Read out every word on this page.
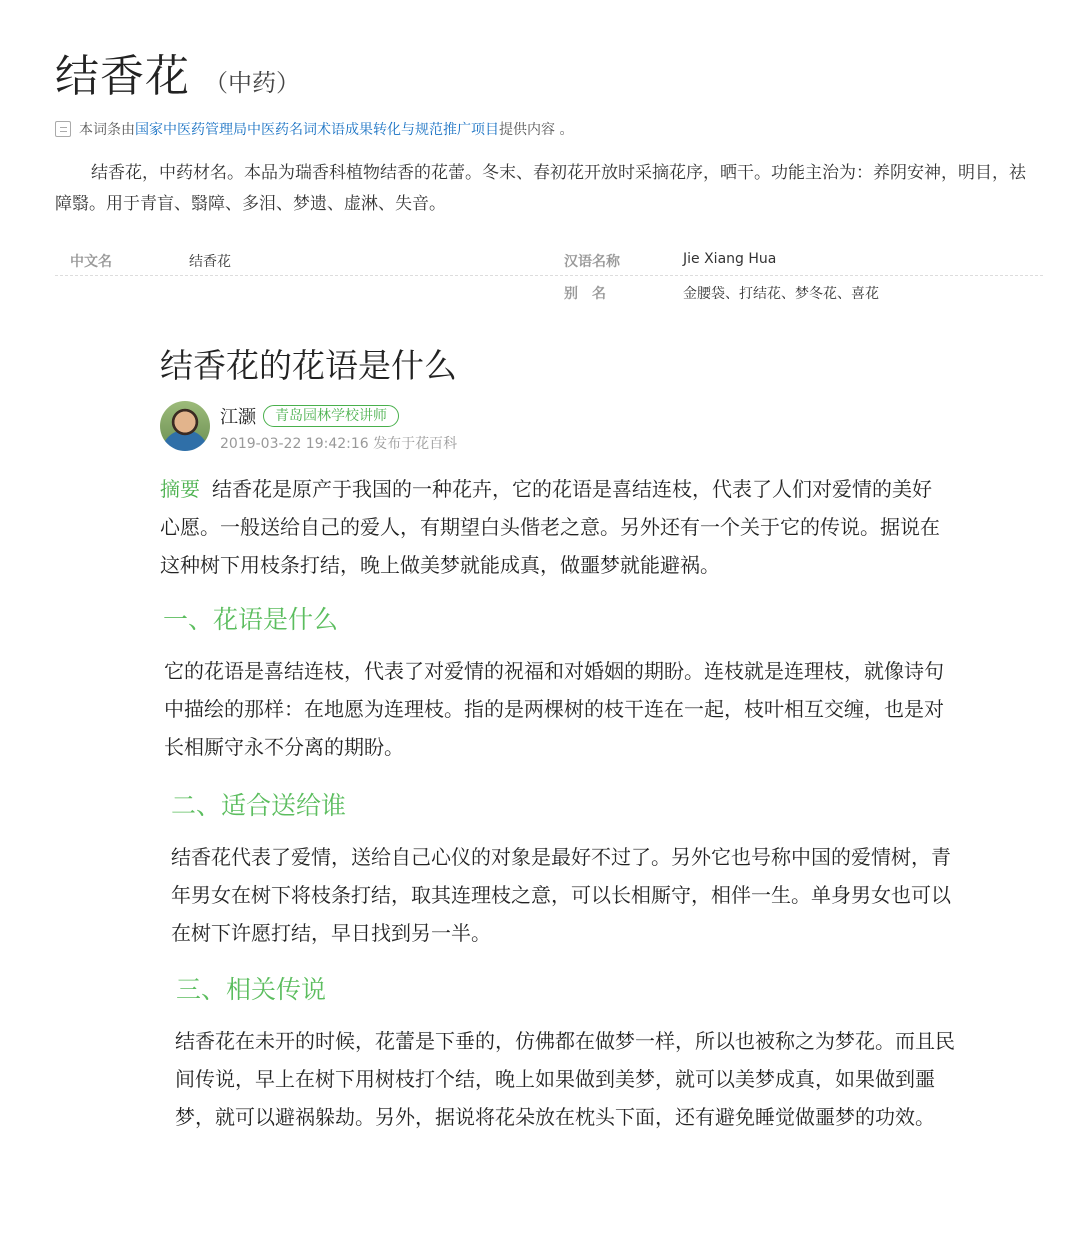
结香花 （中药）
本词条由 国家中医药管理局中医药名词术语成果转化与规范推广项目 提供内容 。
结香花，中药材名。本品为瑞香科植物结香的花蕾。冬末、春初花开放时采摘花序，晒干。功能主治为：养阴安神，明目，祛障翳。用于青盲、翳障、多泪、梦遗、虚淋、失音。
中文名	结香花	汉语名称	Jie Xiang Hua
别　名	金腰袋、打结花、梦冬花、喜花
结香花的花语是什么
江灏	青岛园林学校讲师
2019-03-22 19:42:16 发布于花百科
摘要 结香花是原产于我国的一种花卉，它的花语是喜结连枝，代表了人们对爱情的美好心愿。一般送给自己的爱人，有期望白头偕老之意。另外还有一个关于它的传说。据说在这种树下用枝条打结，晚上做美梦就能成真，做噩梦就能避祸。
一、花语是什么
它的花语是喜结连枝，代表了对爱情的祝福和对婚姻的期盼。连枝就是连理枝，就像诗句中描绘的那样：在地愿为连理枝。指的是两棵树的枝干连在一起，枝叶相互交缠，也是对长相厮守永不分离的期盼。
二、适合送给谁
结香花代表了爱情，送给自己心仪的对象是最好不过了。另外它也号称中国的爱情树，青年男女在树下将枝条打结，取其连理枝之意，可以长相厮守，相伴一生。单身男女也可以在树下许愿打结，早日找到另一半。
三、相关传说
结香花在未开的时候，花蕾是下垂的，仿佛都在做梦一样，所以也被称之为梦花。而且民间传说，早上在树下用树枝打个结，晚上如果做到美梦，就可以美梦成真，如果做到噩梦，就可以避祸躲劫。另外，据说将花朵放在枕头下面，还有避免睡觉做噩梦的功效。
